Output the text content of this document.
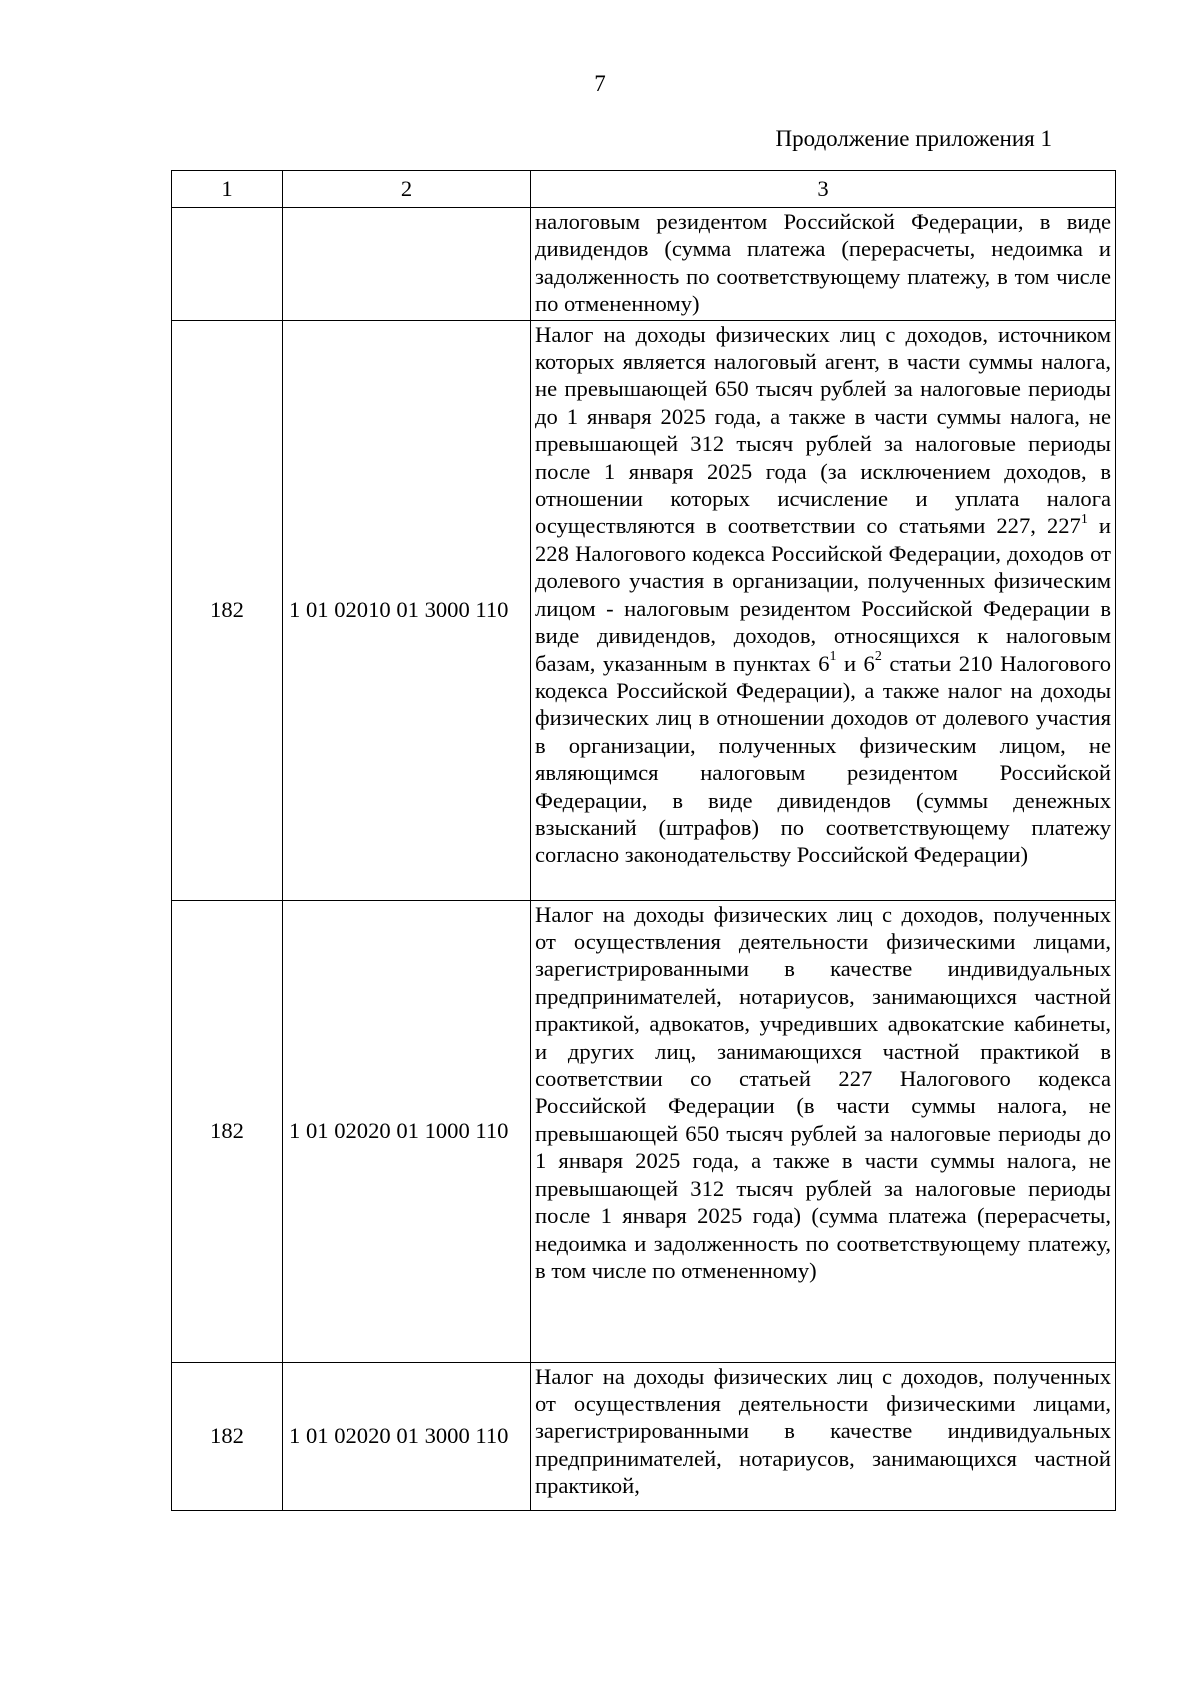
7
Продолжение приложения 1
1	2	3

		налоговым резидентом Российской Федерации, в виде дивидендов (сумма платежа (перерасчеты, недоимка и задолженность по соответствующему платежу, в том числе по отмененному)

182	1 01 02010 01 3000 110	Налог на доходы физических лиц с доходов, источником которых является налоговый агент, в части суммы налога, не превышающей 650 тысяч рублей за налоговые периоды до 1 января 2025 года, а также в части суммы налога, не превышающей 312 тысяч рублей за налоговые периоды после 1 января 2025 года (за исключением доходов, в отношении которых исчисление и уплата налога осуществляются в соответствии со статьями 227, $227^1$ и 228 Налогового кодекса Российской Федерации, доходов от долевого участия в организации, полученных физическим лицом - налоговым резидентом Российской Федерации в виде дивидендов, доходов, относящихся к налоговым базам, указанным в пунктах $6^1$ и $6^2$ статьи 210 Налогового кодекса Российской Федерации), а также налог на доходы физических лиц в отношении доходов от долевого участия в организации, полученных физическим лицом, не являющимся налоговым резидентом Российской Федерации, в виде дивидендов (суммы денежных взысканий (штрафов) по соответствующему платежу согласно законодательству Российской Федерации)

182	1 01 02020 01 1000 110	Налог на доходы физических лиц с доходов, полученных от осуществления деятельности физическими лицами, зарегистрированными в качестве индивидуальных предпринимателей, нотариусов, занимающихся частной практикой, адвокатов, учредивших адвокатские кабинеты, и других лиц, занимающихся частной практикой в соответствии со статьей 227 Налогового кодекса Российской Федерации (в части суммы налога, не превышающей 650 тысяч рублей за налоговые периоды до 1 января 2025 года, а также в части суммы налога, не превышающей 312 тысяч рублей за налоговые периоды после 1 января 2025 года) (сумма платежа (перерасчеты, недоимка и задолженность по соответствующему платежу, в том числе по отмененному)

182	1 01 02020 01 3000 110	Налог на доходы физических лиц с доходов, полученных от осуществления деятельности физическими лицами, зарегистрированными в качестве индивидуальных предпринимателей, нотариусов, занимающихся частной практикой,
